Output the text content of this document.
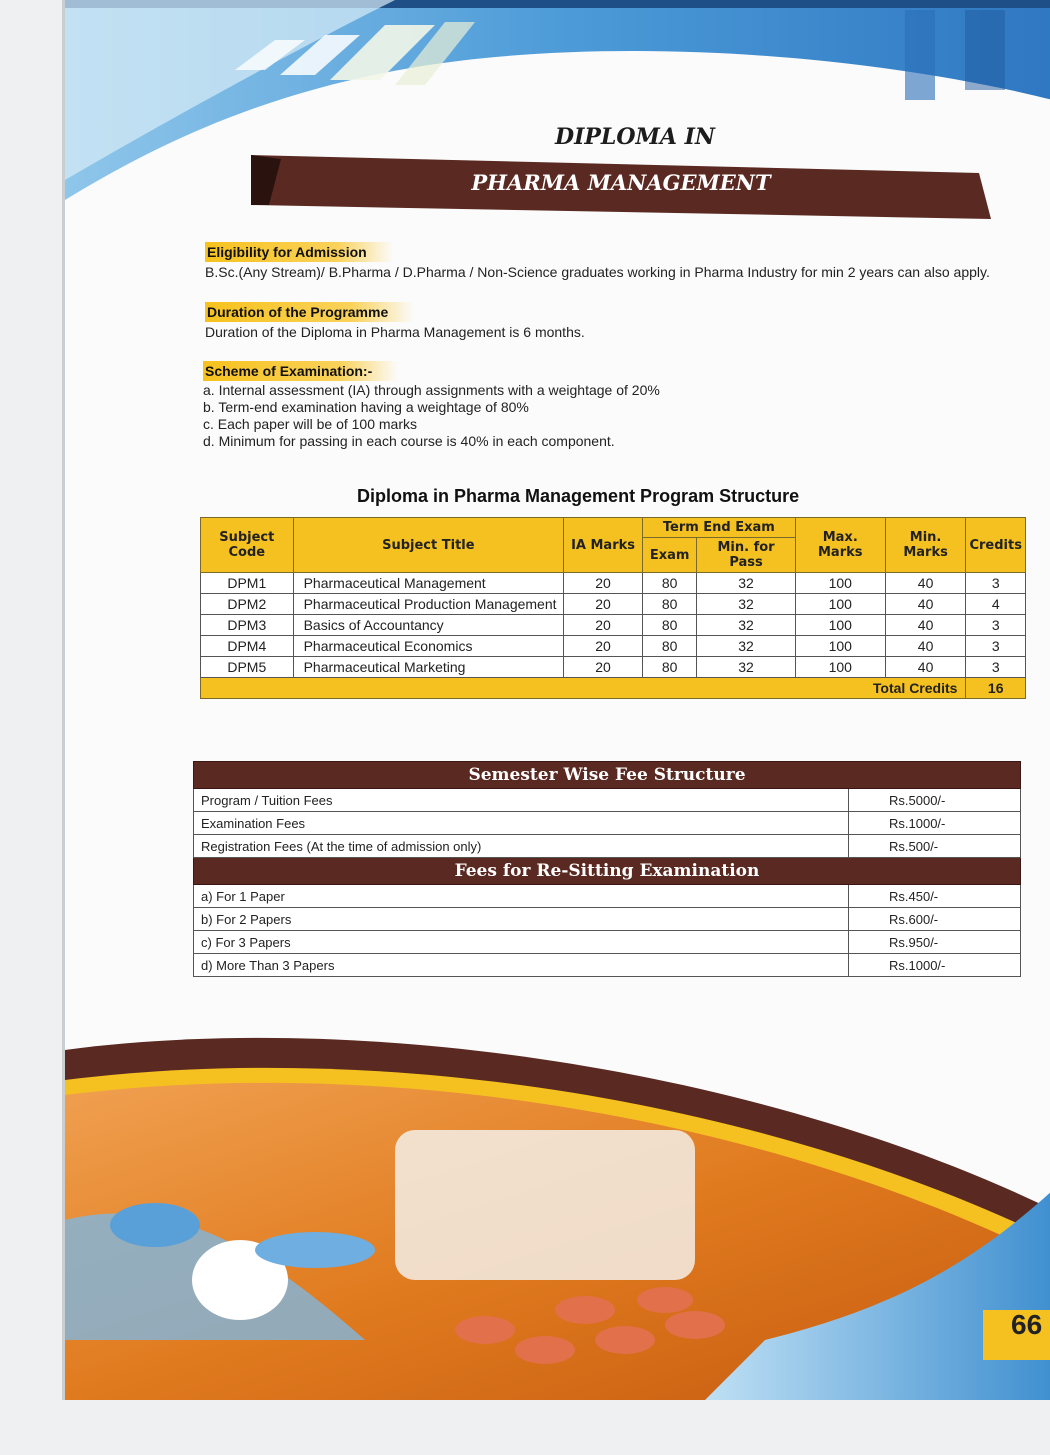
DIPLOMA IN
PHARMA MANAGEMENT
Eligibility for Admission
B.Sc.(Any Stream)/ B.Pharma / D.Pharma / Non-Science graduates working in Pharma Industry for min 2 years can also apply.
Duration of the Programme
Duration of the Diploma in Pharma Management is 6 months.
Scheme of Examination:-
a. Internal assessment (IA) through assignments with a weightage of 20%
b. Term-end examination having a weightage of 80%
c. Each paper will be of 100 marks
d. Minimum for passing in each course is 40% in each component.
Diploma in Pharma Management Program Structure
Subject Code	Subject Title	IA Marks	Term End Exam		Max. Marks	Min. Marks	Credits
			Exam	Min. for Pass			
DPM1	Pharmaceutical Management	20	80	32	100	40	3
DPM2	Pharmaceutical Production Management	20	80	32	100	40	4
DPM3	Basics of Accountancy	20	80	32	100	40	3
DPM4	Pharmaceutical Economics	20	80	32	100	40	3
DPM5	Pharmaceutical Marketing	20	80	32	100	40	3
Total Credits							16
Semester Wise Fee Structure	
Program / Tuition Fees	Rs.5000/-
Examination Fees	Rs.1000/-
Registration Fees (At the time of admission only)	Rs.500/-
Fees for Re-Sitting Examination	
a) For 1 Paper	Rs.450/-
b) For 2 Papers	Rs.600/-
c) For 3 Papers	Rs.950/-
d) More Than 3 Papers	Rs.1000/-
66
